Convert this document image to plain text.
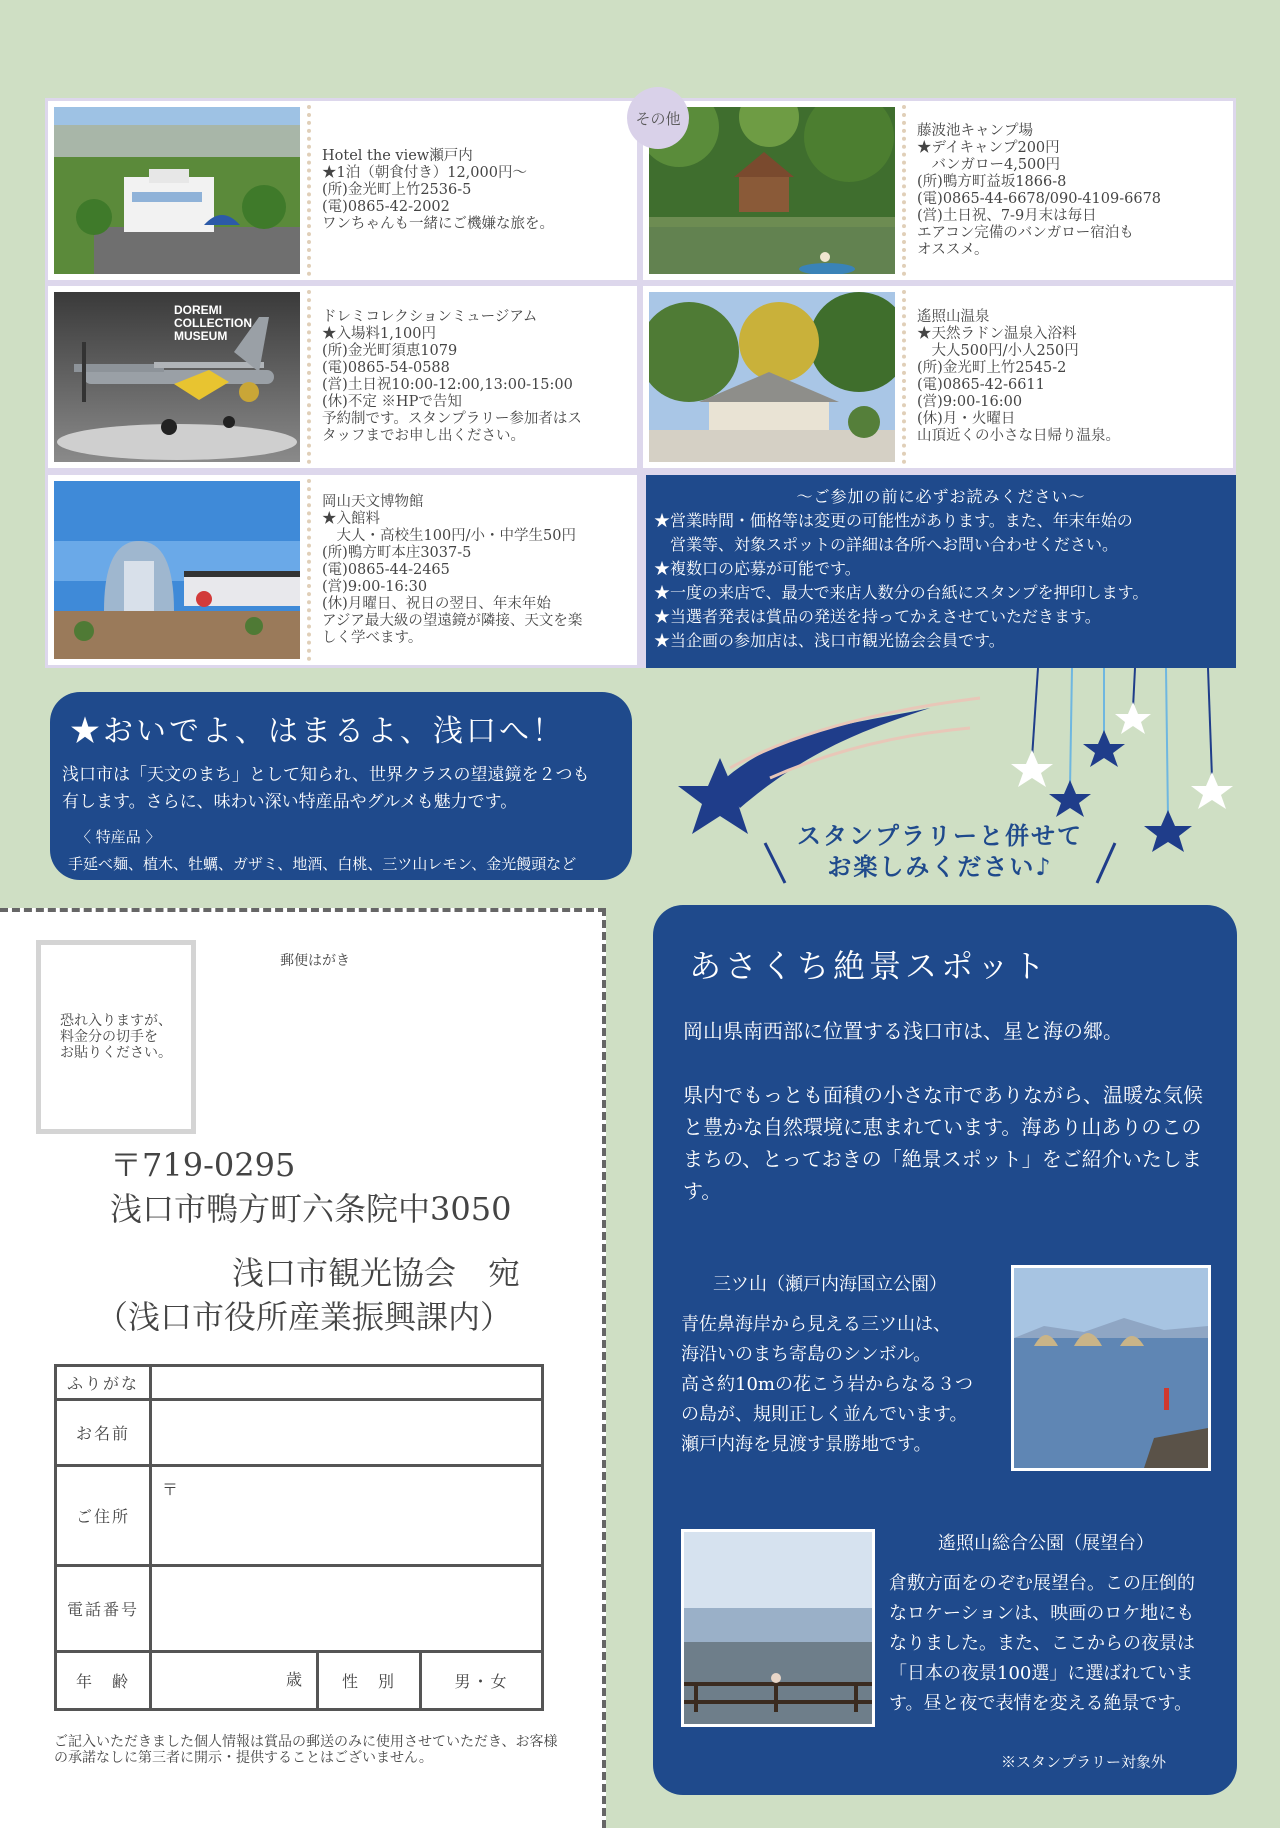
Hotel the view瀬戸内
★1泊（朝食付き）12,000円～
(所)金光町上竹2536-5
(電)0865-42-2002
ワンちゃんも一緒にご機嫌な旅を。
藤波池キャンプ場
★デイキャンプ200円
　バンガロー4,500円
(所)鴨方町益坂1866-8
(電)0865-44-6678/090-4109-6678
(営)土日祝、7-9月末は毎日
エアコン完備のバンガロー宿泊も
オススメ。
DOREMI COLLECTION
MUSEUM
ドレミコレクションミュージアム
★入場料1,100円
(所)金光町須恵1079
(電)0865-54-0588
(営)土日祝10:00-12:00,13:00-15:00
(休)不定 ※HPで告知
予約制です。スタンプラリー参加者はス
タッフまでお申し出ください。
遙照山温泉
★天然ラドン温泉入浴料
　大人500円/小人250円
(所)金光町上竹2545-2
(電)0865-42-6611
(営)9:00-16:00
(休)月・火曜日
山頂近くの小さな日帰り温泉。
岡山天文博物館
★入館料
　大人・高校生100円/小・中学生50円
(所)鴨方町本庄3037-5
(電)0865-44-2465
(営)9:00-16:30
(休)月曜日、祝日の翌日、年末年始
アジア最大級の望遠鏡が隣接、天文を楽
しく学べます。
～ご参加の前に必ずお読みください～
★営業時間・価格等は変更の可能性があります。また、年末年始の
　営業等、対象スポットの詳細は各所へお問い合わせください。
★複数口の応募が可能です。
★一度の来店で、最大で来店人数分の台紙にスタンプを押印します。
★当選者発表は賞品の発送を持ってかえさせていただきます。
★当企画の参加店は、浅口市観光協会会員です。
その他
★おいでよ、はまるよ、浅口へ！
浅口市は「天文のまち」として知られ、世界クラスの望遠鏡を２つも
有します。さらに、味わい深い特産品やグルメも魅力です。
〈 特産品 〉
手延べ麺、植木、牡蠣、ガザミ、地酒、白桃、三ツ山レモン、金光饅頭など
スタンプラリーと併せて
お楽しみください♪
恐れ入りますが、
料金分の切手を
お貼りください。
郵便はがき
〒719-0295
浅口市鴨方町六条院中3050
浅口市観光協会　宛
（浅口市役所産業振興課内）
ふりがな			
お名前			
ご住所	〒		
電話番号			
年　齢	歳	性　別	男・女
ご記入いただきました個人情報は賞品の郵送のみに使用させていただき、お客様の承諾なしに第三者に開示・提供することはございません。
あさくち絶景スポット

岡山県南西部に位置する浅口市は、星と海の郷。

県内でもっとも面積の小さな市でありながら、温暖な気候と豊かな自然環境に恵まれています。海あり山ありのこのまちの、とっておきの「絶景スポット」をご紹介いたします。

三ツ山（瀬戸内海国立公園）
青佐鼻海岸から見える三ツ山は、
海沿いのまち寄島のシンボル。
高さ約10mの花こう岩からなる３つ
の島が、規則正しく並んでいます。
瀬戸内海を見渡す景勝地です。
遙照山総合公園（展望台）
倉敷方面をのぞむ展望台。この圧倒的
なロケーションは、映画のロケ地にも
なりました。また、ここからの夜景は
「日本の夜景100選」に選ばれていま
す。昼と夜で表情を変える絶景です。
※スタンプラリー対象外
